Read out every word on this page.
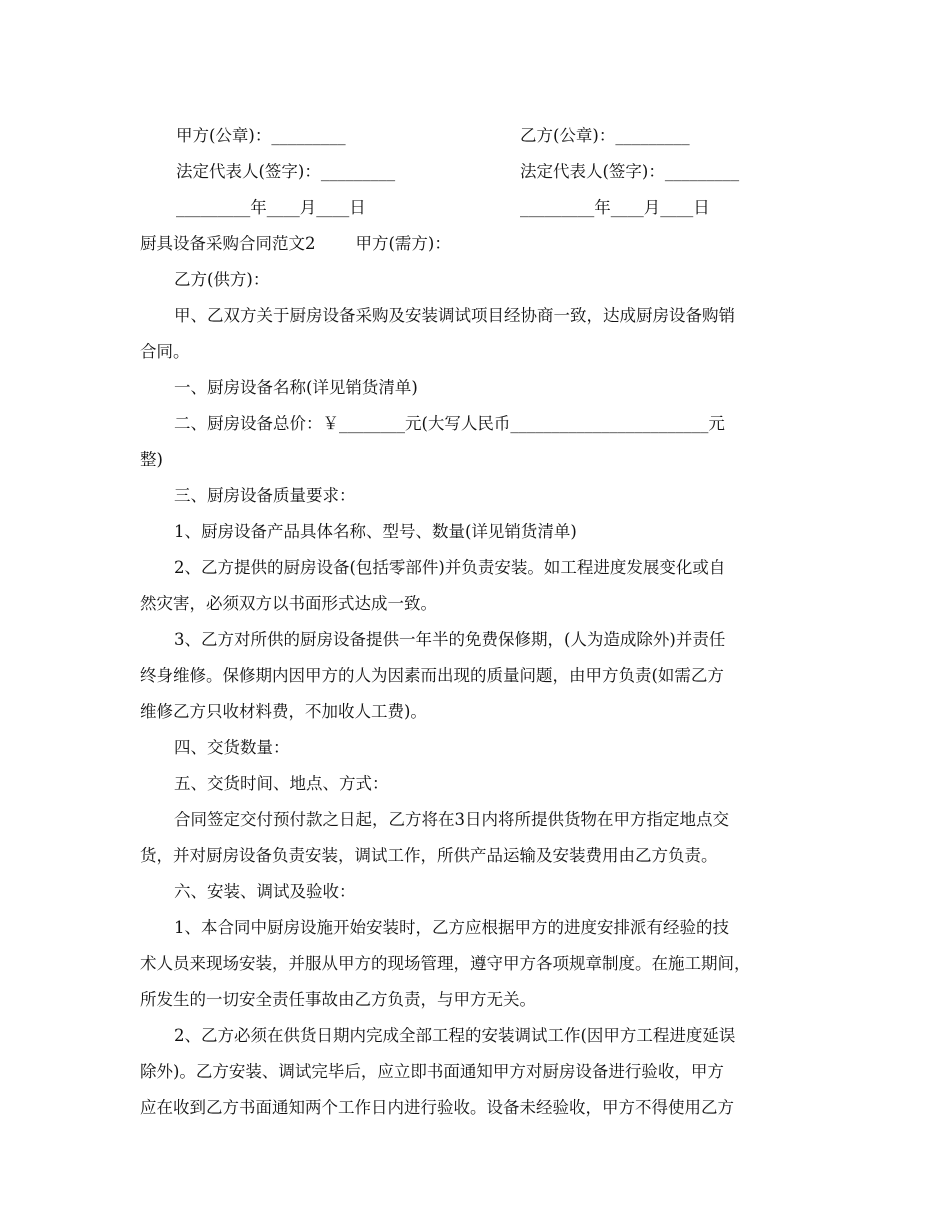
甲方(公章)：_________	乙方(公章)：_________
法定代表人(签字)：_________	法定代表人(签字)：_________
_________年____月____日	_________年____月____日
厨具设备采购合同范文2 甲方(需方)：
乙方(供方)：
甲、乙双方关于厨房设备采购及安装调试项目经协商一致，达成厨房设备购销
合同。
一、厨房设备名称(详见销货清单)
二、厨房设备总价：￥________元(大写人民币________________________元
整)
三、厨房设备质量要求：
1、厨房设备产品具体名称、型号、数量(详见销货清单)
2、乙方提供的厨房设备(包括零部件)并负责安装。如工程进度发展变化或自
然灾害，必须双方以书面形式达成一致。
3、乙方对所供的厨房设备提供一年半的免费保修期，(人为造成除外)并责任
终身维修。保修期内因甲方的人为因素而出现的质量问题，由甲方负责(如需乙方
维修乙方只收材料费，不加收人工费)。
四、交货数量：
五、交货时间、地点、方式：
合同签定交付预付款之日起，乙方将在3日内将所提供货物在甲方指定地点交
货，并对厨房设备负责安装，调试工作，所供产品运输及安装费用由乙方负责。
六、安装、调试及验收：
1、本合同中厨房设施开始安装时，乙方应根据甲方的进度安排派有经验的技
术人员来现场安装，并服从甲方的现场管理，遵守甲方各项规章制度。在施工期间，
所发生的一切安全责任事故由乙方负责，与甲方无关。
2、乙方必须在供货日期内完成全部工程的安装调试工作(因甲方工程进度延误
除外)。乙方安装、调试完毕后，应立即书面通知甲方对厨房设备进行验收，甲方
应在收到乙方书面通知两个工作日内进行验收。设备未经验收，甲方不得使用乙方
